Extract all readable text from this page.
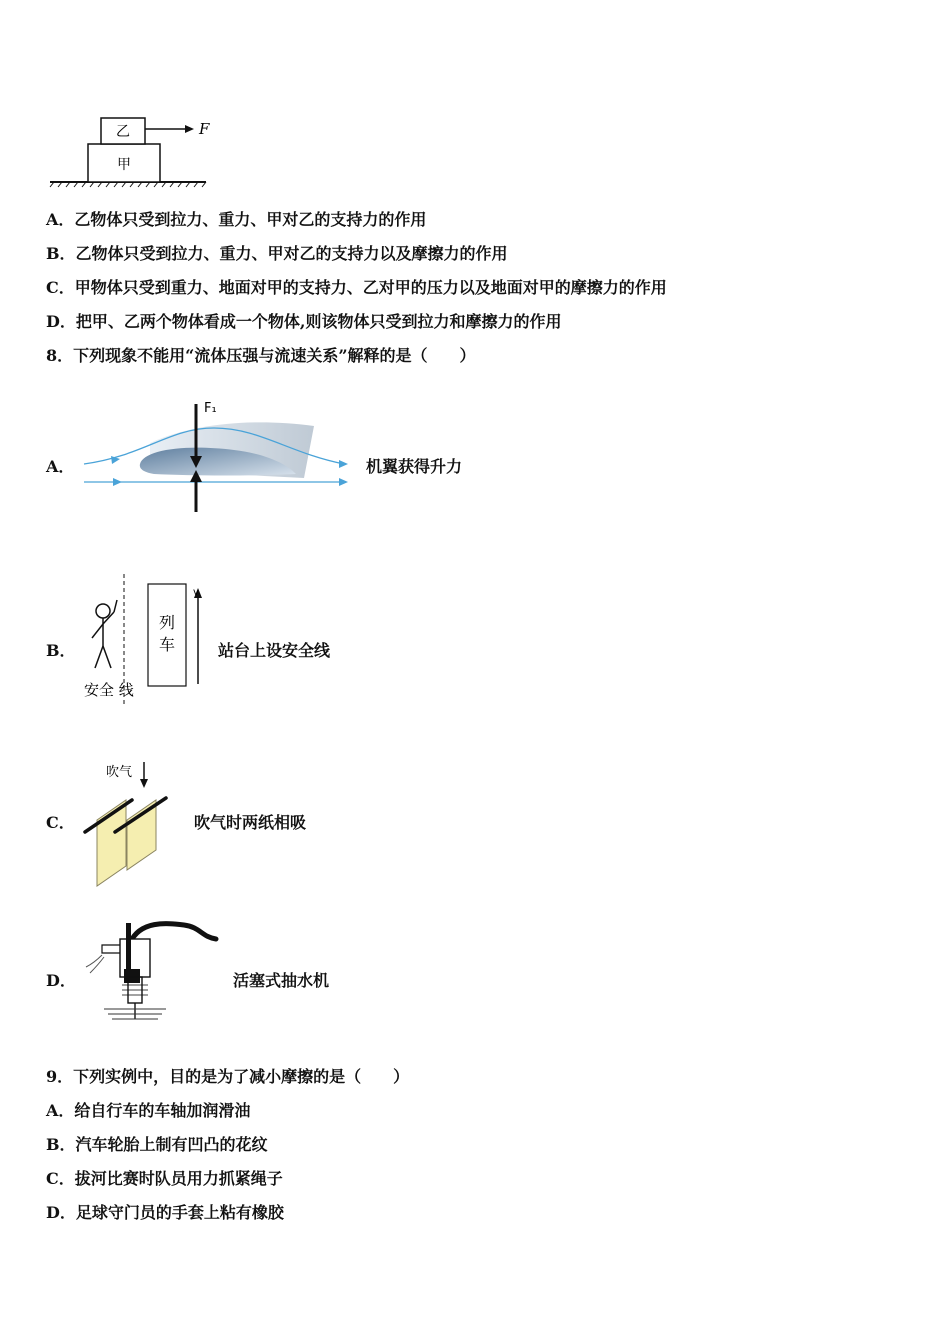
乙
甲
F
A．乙物体只受到拉力、重力、甲对乙的支持力的作用
B．乙物体只受到拉力、重力、甲对乙的支持力以及摩擦力的作用
C．甲物体只受到重力、地面对甲的支持力、乙对甲的压力以及地面对甲的摩擦力的作用
D．把甲、乙两个物体看成一个物体,则该物体只受到拉力和摩擦力的作用
8．下列现象不能用“流体压强与流速关系”解释的是（　　）
A．
F₁
机翼获得升力
B．
列
车
v
安全 线
站台上设安全线
C．
吹气
吹气时两纸相吸
D．	活塞式抽水机
9．下列实例中，目的是为了减小摩擦的是（　　）
A．给自行车的车轴加润滑油
B．汽车轮胎上制有凹凸的花纹
C．拔河比赛时队员用力抓紧绳子
D．足球守门员的手套上粘有橡胶
